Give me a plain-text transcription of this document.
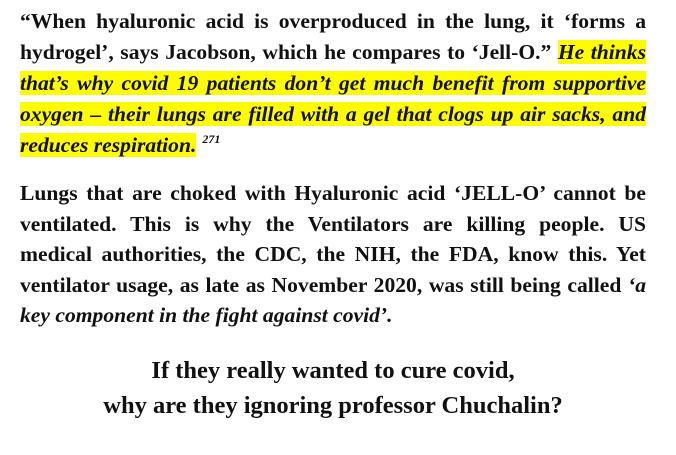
“When hyaluronic acid is overproduced in the lung, it ‘forms a hydrogel’, says Jacobson, which he compares to ‘Jell-O.” He thinks that’s why covid 19 patients don’t get much benefit from supportive oxygen – their lungs are filled with a gel that clogs up air sacks, and reduces respiration. $^{271}$

Lungs that are choked with Hyaluronic acid ‘JELL-O’ cannot be ventilated. This is why the Ventilators are killing people. US medical authorities, the CDC, the NIH, the FDA, know this. Yet ventilator usage, as late as November 2020, was still being called ‘a key component in the fight against covid’.

If they really wanted to cure covid,
why are they ignoring professor Chuchalin?
